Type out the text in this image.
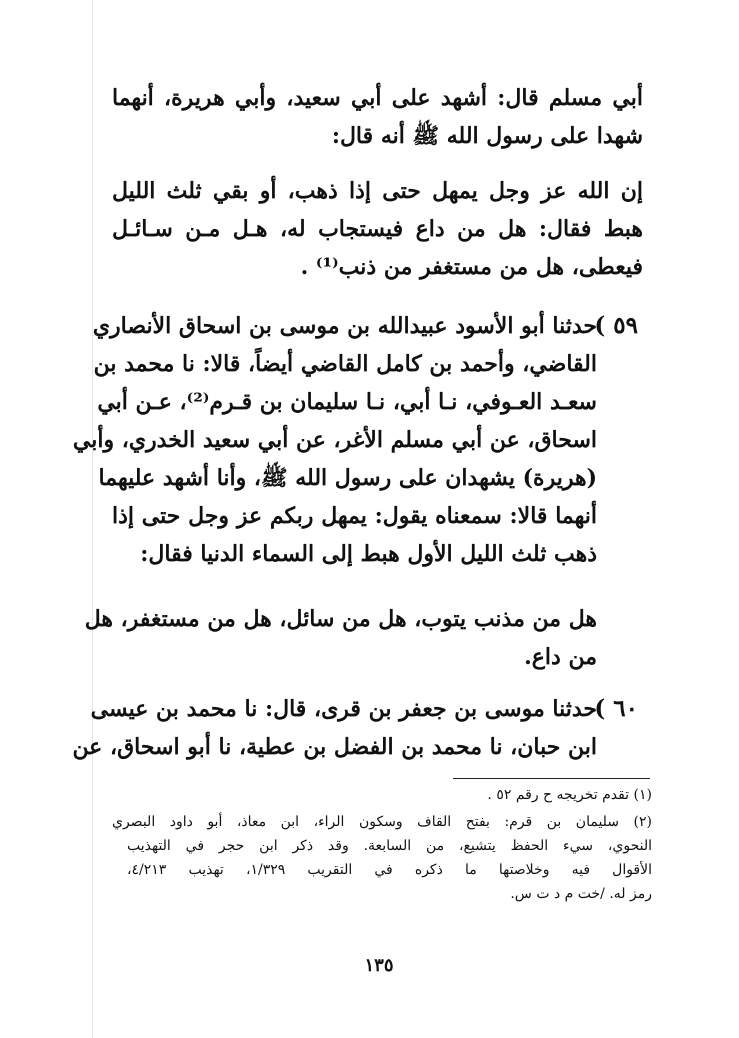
أبي مسلم قال: أشهد على أبي سعيد، وأبي هريرة، أنهما
شهدا على رسول الله ﷺ أنه قال:
إن الله عز وجل يمهل حتى إذا ذهب، أو بقي ثلث الليل
هبط فقال: هل من داع فيستجاب له، هـل مـن سـائـل
فيعطى، هل من مستغفر من ذنب⁽¹⁾ .
٥٩ )
حدثنا أبو الأسود عبيدالله بن موسى بن اسحاق الأنصاري
القاضي، وأحمد بن كامل القاضي أيضاً، قالا: نا محمد بن
سعـد العـوفي، نـا أبي، نـا سليمان بن قـرم⁽²⁾، عـن أبي
اسحاق، عن أبي مسلم الأغر، عن أبي سعيد الخدري، وأبي
(هريرة) يشهدان على رسول الله ﷺ، وأنا أشهد عليهما
أنهما قالا: سمعناه يقول: يمهل ربكم عز وجل حتى إذا
ذهب ثلث الليل الأول هبط إلى السماء الدنيا فقال:
هل من مذنب يتوب، هل من سائل، هل من مستغفر، هل
من داع.
٦٠ )
حدثنا موسى بن جعفر بن قرى، قال: نا محمد بن عيسى
ابن حبان، نا محمد بن الفضل بن عطية، نا أبو اسحاق، عن
(١) تقدم تخريجه ح رقم ٥٢ .
(٢) سليمان بن قرم: بفتح القاف وسكون الراء، ابن معاذ، أبو داود البصري
النحوي، سيء الحفظ يتشيع، من السابعة. وقد ذكر ابن حجر في التهذيب
الأقوال فيه وخلاصتها ما ذكره في التقريب ١/٣٢٩، تهذيب ٤/٢١٣،
رمز له. /خت م د ت س.
١٣٥
